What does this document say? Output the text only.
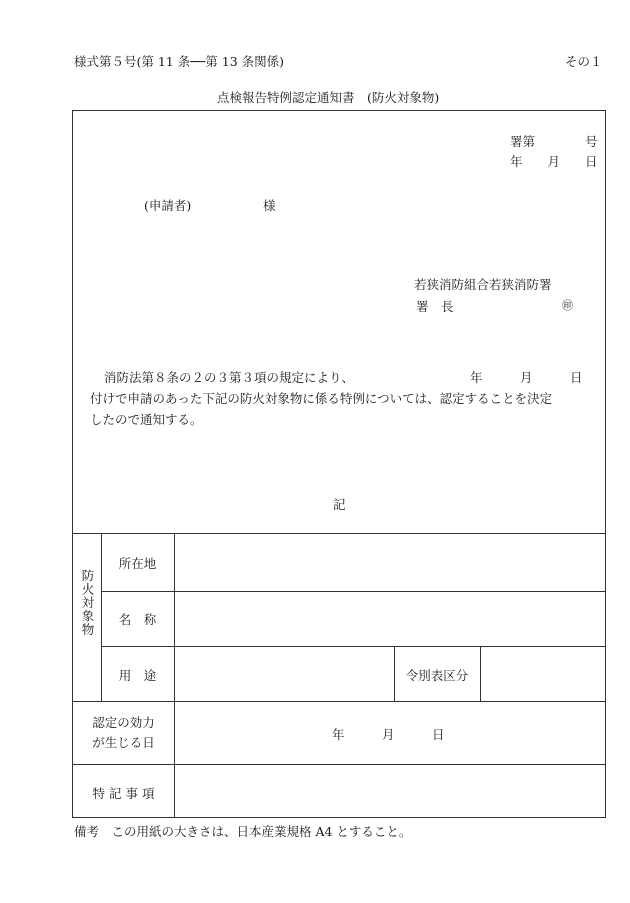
様式第５号(第 11 条──第 13 条関係)	その１
点検報告特例認定通知書　(防火対象物)
署第　　　　号
年　　月　　日
(申請者)	様
若狭消防組合若狭消防署
署　長	㊞
消防法第８条の２の３第３項の規定により、	年　　　月　　　日
付けで申請のあった下記の防火対象物に係る特例については、認定することを決定
したので通知する。
記
防火対象物
所在地
名　称
用　途	令別表区分
認定の効力
が生じる日
年　　　月　　　日
特 記 事 項
備考　この用紙の大きさは、日本産業規格 A4 とすること。
